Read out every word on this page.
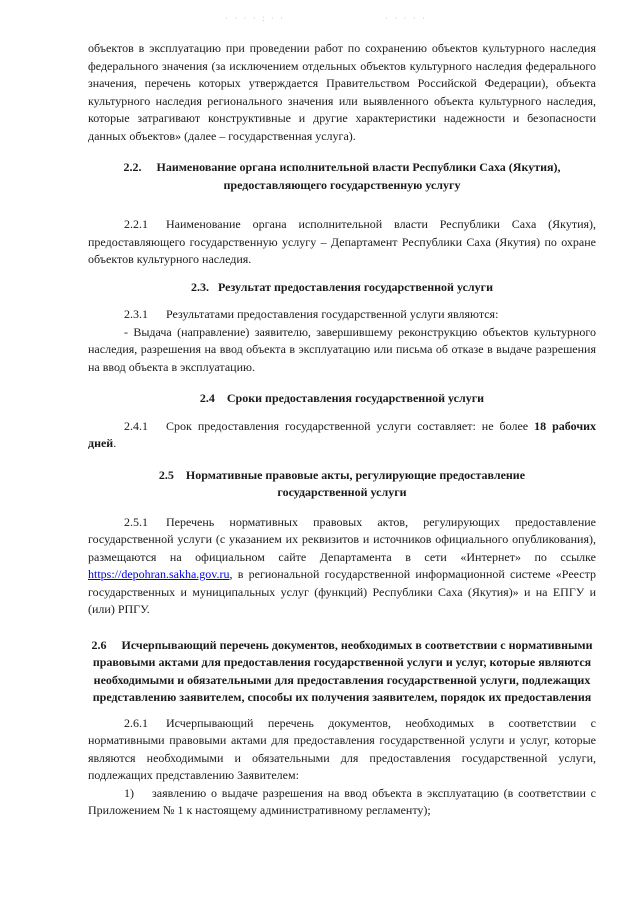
· · · · : · ·	· · · · ·

объектов в эксплуатацию при проведении работ по сохранению объектов культурного наследия федерального значения (за исключением отдельных объектов культурного наследия федерального значения, перечень которых утверждается Правительством Российской Федерации), объекта культурного наследия регионального значения или выявленного объекта культурного наследия, которые затрагивают конструктивные и другие характеристики надежности и безопасности данных объектов» (далее – государственная услуга).

2.2. Наименование органа исполнительной власти Республики Саха (Якутия), предоставляющего государственную услугу

2.2.1 Наименование органа исполнительной власти Республики Саха (Якутия), предоставляющего государственную услугу – Департамент Республики Саха (Якутия) по охране объектов культурного наследия.

2.3. Результат предоставления государственной услуги

2.3.1 Результатами предоставления государственной услуги являются:

- Выдача (направление) заявителю, завершившему реконструкцию объектов культурного наследия, разрешения на ввод объекта в эксплуатацию или письма об отказе в выдаче разрешения на ввод объекта в эксплуатацию.

2.4 Сроки предоставления государственной услуги

2.4.1 Срок предоставления государственной услуги составляет: не более 18 рабочих дней.

2.5 Нормативные правовые акты, регулирующие предоставление государственной услуги

2.5.1 Перечень нормативных правовых актов, регулирующих предоставление государственной услуги (с указанием их реквизитов и источников официального опубликования), размещаются на официальном сайте Департамента в сети «Интернет» по ссылке https://depohran.sakha.gov.ru, в региональной государственной информационной системе «Реестр государственных и муниципальных услуг (функций) Республики Саха (Якутия)» и на ЕПГУ и (или) РПГУ.

2.6 Исчерпывающий перечень документов, необходимых в соответствии с нормативными правовыми актами для предоставления государственной услуги и услуг, которые являются необходимыми и обязательными для предоставления государственной услуги, подлежащих представлению заявителем, способы их получения заявителем, порядок их предоставления

2.6.1 Исчерпывающий перечень документов, необходимых в соответствии с нормативными правовыми актами для предоставления государственной услуги и услуг, которые являются необходимыми и обязательными для предоставления государственной услуги, подлежащих представлению Заявителем:

1) заявлению о выдаче разрешения на ввод объекта в эксплуатацию (в соответствии с Приложением № 1 к настоящему административному регламенту);
